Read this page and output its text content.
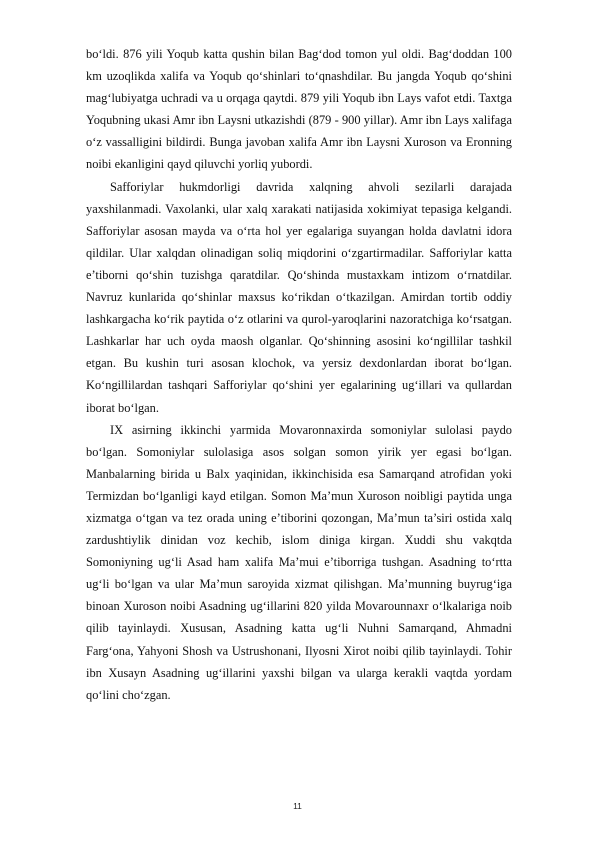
bo‘ldi. 876 yili Yoqub katta qushin bilan Bag‘dod tomon yul oldi. Bag‘doddan 100 km uzoqlikda xalifa va Yoqub qo‘shinlari to‘qnashdilar. Bu jangda Yoqub qo‘shini mag‘lubiyatga uchradi va u orqaga qaytdi. 879 yili Yoqub ibn Lays vafot etdi. Taxtga Yoqubning ukasi Amr ibn Laysni utkazishdi (879 - 900 yillar). Amr ibn Lays xalifaga o‘z vassalligini bildirdi. Bunga javoban xalifa Amr ibn Laysni Xuroson va Eronning noibi ekanligini qayd qiluvchi yorliq yubordi.

Safforiylar hukmdorligi davrida xalqning ahvoli sezilarli darajada yaxshilanmadi. Vaxolanki, ular xalq xarakati natijasida xokimiyat tepasiga kelgandi. Safforiylar asosan mayda va o‘rta hol yer egalariga suyangan holda davlatni idora qildilar. Ular xalqdan olinadigan soliq miqdorini o‘zgartirmadilar. Safforiylar katta e’tiborni qo‘shin tuzishga qaratdilar. Qo‘shinda mustaxkam intizom o‘rnatdilar. Navruz kunlarida qo‘shinlar maxsus ko‘rikdan o‘tkazilgan. Amirdan tortib oddiy lashkargacha ko‘rik paytida o‘z otlarini va qurol-yaroqlarini nazoratchiga ko‘rsatgan. Lashkarlar har uch oyda maosh olganlar. Qo‘shinning asosini ko‘ngillilar tashkil etgan. Bu kushin turi asosan klochok, va yersiz dexdonlardan iborat bo‘lgan. Ko‘ngillilardan tashqari Safforiylar qo‘shini yer egalarining ug‘illari va qullardan iborat bo‘lgan.

IX asirning ikkinchi yarmida Movaronnaxirda somoniylar sulolasi paydo bo‘lgan. Somoniylar sulolasiga asos solgan somon yirik yer egasi bo‘lgan. Manbalarning birida u Balx yaqinidan, ikkinchisida esa Samarqand atrofidan yoki Termizdan bo‘lganligi kayd etilgan. Somon Ma’mun Xuroson noibligi paytida unga xizmatga o‘tgan va tez orada uning e’tiborini qozongan, Ma’mun ta’siri ostida xalq zardushtiylik dinidan voz kechib, islom diniga kirgan. Xuddi shu vakqtda Somoniyning ug‘li Asad ham xalifa Ma’mui e’tiborriga tushgan. Asadning to‘rtta ug‘li bo‘lgan va ular Ma’mun saroyida xizmat qilishgan. Ma’munning buyrug‘iga binoan Xuroson noibi Asadning ug‘illarini 820 yilda Movarounnaxr o‘lkalariga noib qilib tayinlaydi. Xususan, Asadning katta ug‘li Nuhni Samarqand, Ahmadni Farg‘ona, Yahyoni Shosh va Ustrushonani, Ilyosni Xirot noibi qilib tayinlaydi. Tohir ibn Xusayn Asadning ug‘illarini yaxshi bilgan va ularga kerakli vaqtda yordam qo‘lini cho‘zgan.

11
